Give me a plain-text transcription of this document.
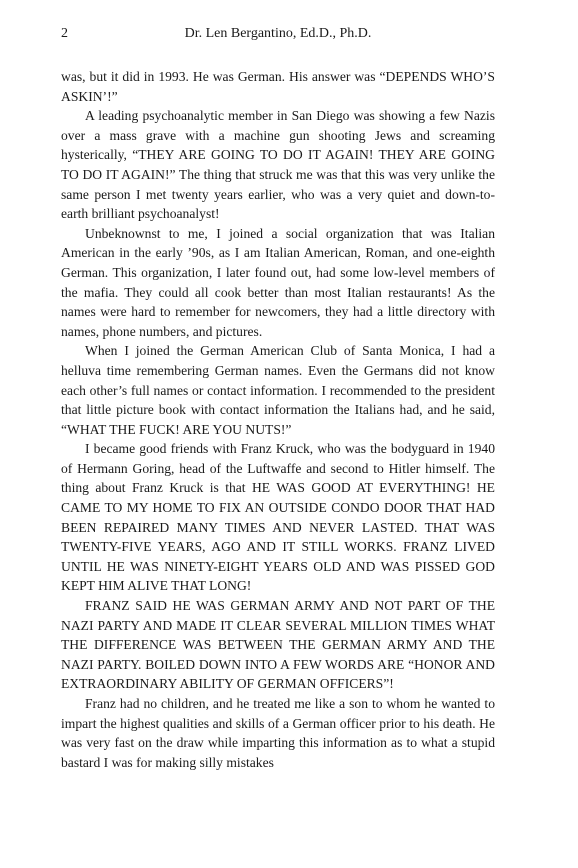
2	Dr. Len Bergantino, Ed.D., Ph.D.

was, but it did in 1993. He was German. His answer was “DEPENDS WHO’S ASKIN’!”

A leading psychoanalytic member in San Diego was showing a few Nazis over a mass grave with a machine gun shooting Jews and screaming hysterically, “THEY ARE GOING TO DO IT AGAIN! THEY ARE GOING TO DO IT AGAIN!” The thing that struck me was that this was very unlike the same person I met twenty years earlier, who was a very quiet and down-to-earth brilliant psychoanalyst!

Unbeknownst to me, I joined a social organization that was Italian American in the early ’90s, as I am Italian American, Roman, and one-eighth German. This organization, I later found out, had some low-level members of the mafia. They could all cook better than most Italian restaurants! As the names were hard to remember for newcomers, they had a little directory with names, phone numbers, and pictures.

When I joined the German American Club of Santa Monica, I had a helluva time remembering German names. Even the Germans did not know each other’s full names or contact information. I recommended to the president that little picture book with contact information the Italians had, and he said, “WHAT THE FUCK! ARE YOU NUTS!”

I became good friends with Franz Kruck, who was the bodyguard in 1940 of Hermann Goring, head of the Luftwaffe and second to Hitler himself. The thing about Franz Kruck is that HE WAS GOOD AT EVERYTHING! HE CAME TO MY HOME TO FIX AN OUTSIDE CONDO DOOR THAT HAD BEEN REPAIRED MANY TIMES AND NEVER LASTED. THAT WAS TWENTY-FIVE YEARS, AGO AND IT STILL WORKS. FRANZ LIVED UNTIL HE WAS NINETY-EIGHT YEARS OLD AND WAS PISSED GOD KEPT HIM ALIVE THAT LONG!

FRANZ SAID HE WAS GERMAN ARMY AND NOT PART OF THE NAZI PARTY AND MADE IT CLEAR SEVERAL MILLION TIMES WHAT THE DIFFERENCE WAS BETWEEN THE GERMAN ARMY AND THE NAZI PARTY. BOILED DOWN INTO A FEW WORDS ARE “HONOR AND EXTRAORDINARY ABILITY OF GERMAN OFFICERS”!

Franz had no children, and he treated me like a son to whom he wanted to impart the highest qualities and skills of a German officer prior to his death. He was very fast on the draw while imparting this information as to what a stupid bastard I was for making silly mistakes
